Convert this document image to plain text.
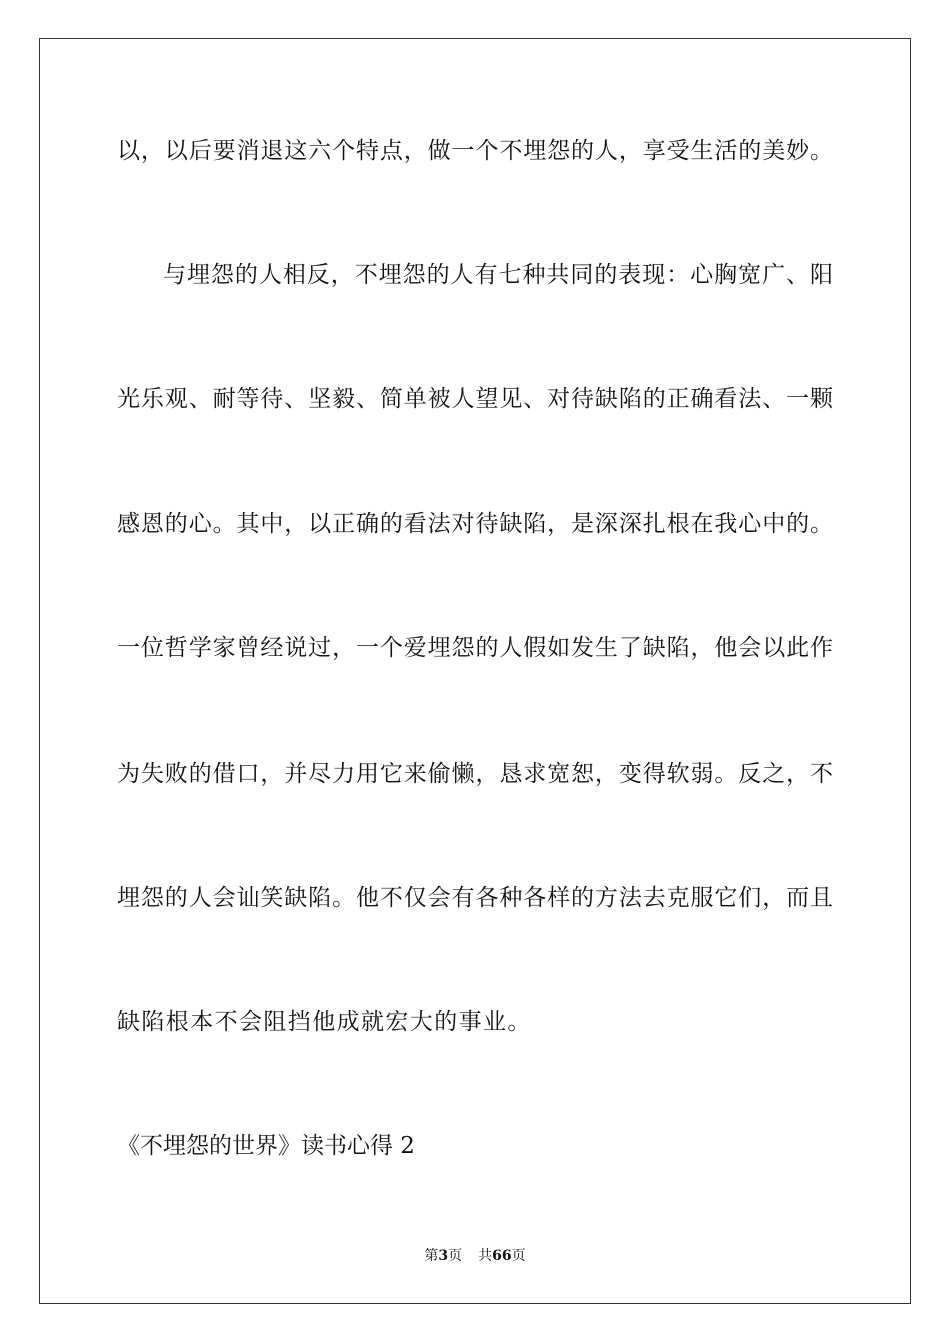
以，以后要消退这六个特点，做一个不埋怨的人，享受生活的美妙。
与埋怨的人相反，不埋怨的人有七种共同的表现：心胸宽广、阳
光乐观、耐等待、坚毅、简单被人望见、对待缺陷的正确看法、一颗
感恩的心。其中，以正确的看法对待缺陷，是深深扎根在我心中的。
一位哲学家曾经说过，一个爱埋怨的人假如发生了缺陷，他会以此作
为失败的借口，并尽力用它来偷懒，恳求宽恕，变得软弱。反之，不
埋怨的人会讪笑缺陷。他不仅会有各种各样的方法去克服它们，而且
缺陷根本不会阻挡他成就宏大的事业。
《不埋怨的世界》读书心得 2
第3页 共66页
